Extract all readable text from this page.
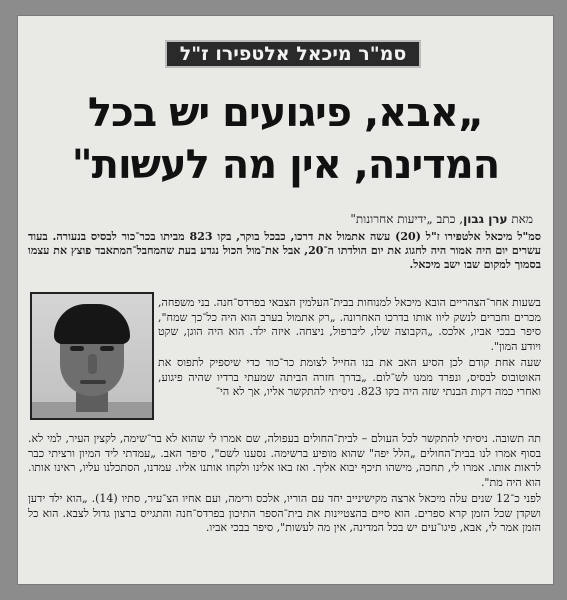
סמ"ר מיכאל אלטפירו ז"ל
„אבא, פיגועים יש בכל
המדינה, אין מה לעשות"
מאת ערן גבון, כתב „ידיעות אחרונות"
סמ"ל מיכאל אלטפירו ז"ל (20) עשה אתמול את דרכו, כבכל בוקר, בקו 823 מביתו בכר־כור לבסיס בנעורה. בעוד עשרים יום היה אמור היה לחגוג את יום הולדתו ה־20, אבל את־מול הכול נגדע בעת שהמחבל־המתאבד פוצץ את עצמו בסמוך למקום שבו ישב מיכאל.

בשעות אחר־הצהריים הובא מיכאל למנוחות בבית־העלמין הצבאי בפרדס־חנה. בני משפחה, מכרים וחברים לנשק ליוו אותו בדרכו האחרונה. „רק אתמול בערב הוא היה כל־כך שמח", סיפר בבכי אביו, אלכס. „הקבוצה שלו, ליברפול, ניצחה. איזה ילד. הוא היה הוגן, שקט ויודע המון".

שעה אחת קודם לכן הסיע האב את בנו החייל לצומת כר־כור כדי שיספיק לתפוס את האוטובוס לבסיס, ונפרד ממנו לש־לום. „בדרך חזרה הביתה שמעתי ברדיו שהיה פיגוע, ואחרי כמה דקות הבנתי שזה היה בקו 823. ניסיתי להתקשר אליו, אך לא הי־

תה תשובה. ניסיתי להתקשר לכל העולם – לבית־החולים בעפולה, שם אמרו לי שהוא לא בר־שימה, לקצין העיר, למי לא. בסוף אמרו לנו בבית־החולים „הלל יפה" שהוא מופיע ברשימה. נסענו לשם", סיפר האב. „עמדתי ליד המיון ורציתי כבר לראות אותו. אמרו לי, תחכה, מישהו תיכף יבוא אליך. ואז באו אלינו ולקחו אותנו אליו. עמדנו, הסתכלנו עליו, ראינו אותו. הוא היה מת".

לפני כ־12 שנים עלה מיכאל ארצה מקישינייב יחד עם הוריו, אלכס ורימה, ועם אחיו הצ־עיר, סתיו (14). „הוא ילד ידען ושקדן שכל הזמן קרא ספרים. הוא סיים בהצטיינות את בית־הספר התיכון בפרדס־חנה והתגייס ברצון גדול לצבא. הוא כל הזמן אמר לי, אבא, פיגו־עים יש בכל המדינה, אין מה לעשות", סיפר בבכי אביו.
